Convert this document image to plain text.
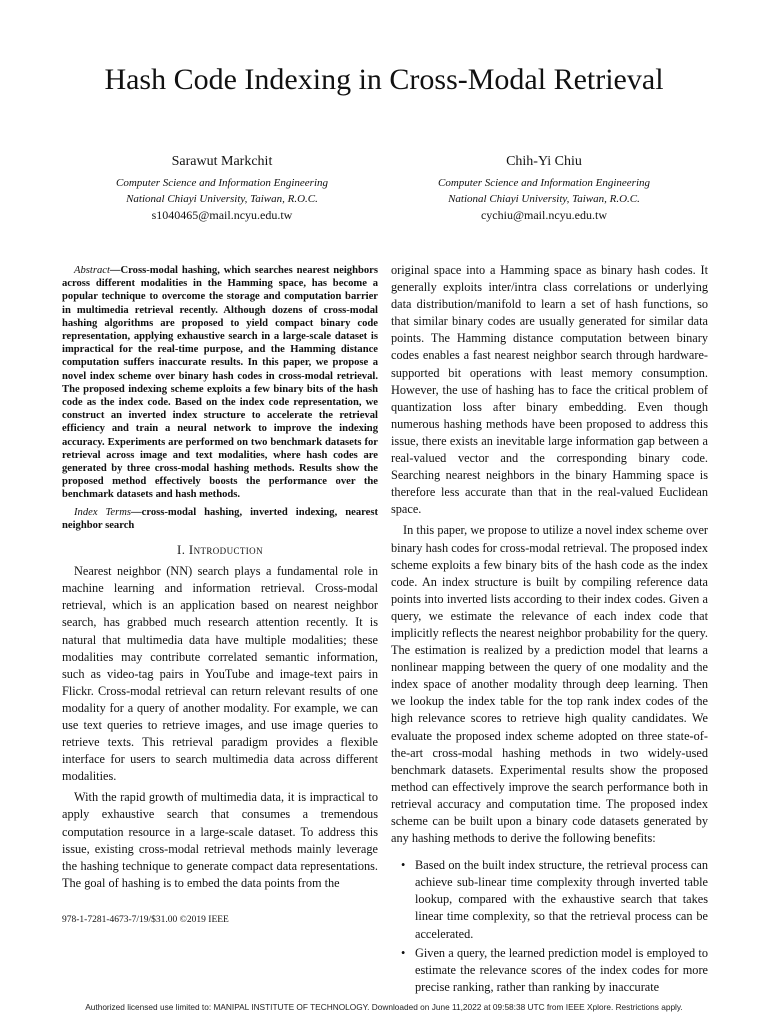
Hash Code Indexing in Cross-Modal Retrieval
Sarawut Markchit
Computer Science and Information Engineering
National Chiayi University, Taiwan, R.O.C.
s1040465@mail.ncyu.edu.tw
Chih-Yi Chiu
Computer Science and Information Engineering
National Chiayi University, Taiwan, R.O.C.
cychiu@mail.ncyu.edu.tw

Abstract—Cross-modal hashing, which searches nearest neighbors across different modalities in the Hamming space, has become a popular technique to overcome the storage and computation barrier in multimedia retrieval recently. Although dozens of cross-modal hashing algorithms are proposed to yield compact binary code representation, applying exhaustive search in a large-scale dataset is impractical for the real-time purpose, and the Hamming distance computation suffers inaccurate results. In this paper, we propose a novel index scheme over binary hash codes in cross-modal retrieval. The proposed indexing scheme exploits a few binary bits of the hash code as the index code. Based on the index code representation, we construct an inverted index structure to accelerate the retrieval efficiency and train a neural network to improve the indexing accuracy. Experiments are performed on two benchmark datasets for retrieval across image and text modalities, where hash codes are generated by three cross-modal hashing methods. Results show the proposed method effectively boosts the performance over the benchmark datasets and hash methods.

Index Terms—cross-modal hashing, inverted indexing, nearest neighbor search

I. Introduction

Nearest neighbor (NN) search plays a fundamental role in machine learning and information retrieval. Cross-modal retrieval, which is an application based on nearest neighbor search, has grabbed much research attention recently. It is natural that multimedia data have multiple modalities; these modalities may contribute correlated semantic information, such as video-tag pairs in YouTube and image-text pairs in Flickr. Cross-modal retrieval can return relevant results of one modality for a query of another modality. For example, we can use text queries to retrieve images, and use image queries to retrieve texts. This retrieval paradigm provides a flexible interface for users to search multimedia data across different modalities.

With the rapid growth of multimedia data, it is impractical to apply exhaustive search that consumes a tremendous computation resource in a large-scale dataset. To address this issue, existing cross-modal retrieval methods mainly leverage the hashing technique to generate compact data representations. The goal of hashing is to embed the data points from the

original space into a Hamming space as binary hash codes. It generally exploits inter/intra class correlations or underlying data distribution/manifold to learn a set of hash functions, so that similar binary codes are usually generated for similar data points. The Hamming distance computation between binary codes enables a fast nearest neighbor search through hardware-supported bit operations with least memory consumption. However, the use of hashing has to face the critical problem of quantization loss after binary embedding. Even though numerous hashing methods have been proposed to address this issue, there exists an inevitable large information gap between a real-valued vector and the corresponding binary code. Searching nearest neighbors in the binary Hamming space is therefore less accurate than that in the real-valued Euclidean space.

In this paper, we propose to utilize a novel index scheme over binary hash codes for cross-modal retrieval. The proposed index scheme exploits a few binary bits of the hash code as the index code. An index structure is built by compiling reference data points into inverted lists according to their index codes. Given a query, we estimate the relevance of each index code that implicitly reflects the nearest neighbor probability for the query. The estimation is realized by a prediction model that learns a nonlinear mapping between the query of one modality and the index space of another modality through deep learning. Then we lookup the index table for the top rank index codes of the high relevance scores to retrieve high quality candidates. We evaluate the proposed index scheme adopted on three state-of-the-art cross-modal hashing methods in two widely-used benchmark datasets. Experimental results show the proposed method can effectively improve the search performance both in retrieval accuracy and computation time. The proposed index scheme can be built upon a binary code datasets generated by any hashing methods to derive the following benefits:

• Based on the built index structure, the retrieval process can achieve sub-linear time complexity through inverted table lookup, compared with the exhaustive search that takes linear time complexity, so that the retrieval process can be accelerated.
• Given a query, the learned prediction model is employed to estimate the relevance scores of the index codes for more precise ranking, rather than ranking by inaccurate
978-1-7281-4673-7/19/$31.00 ©2019 IEEE
Authorized licensed use limited to: MANIPAL INSTITUTE OF TECHNOLOGY. Downloaded on June 11,2022 at 09:58:38 UTC from IEEE Xplore. Restrictions apply.
